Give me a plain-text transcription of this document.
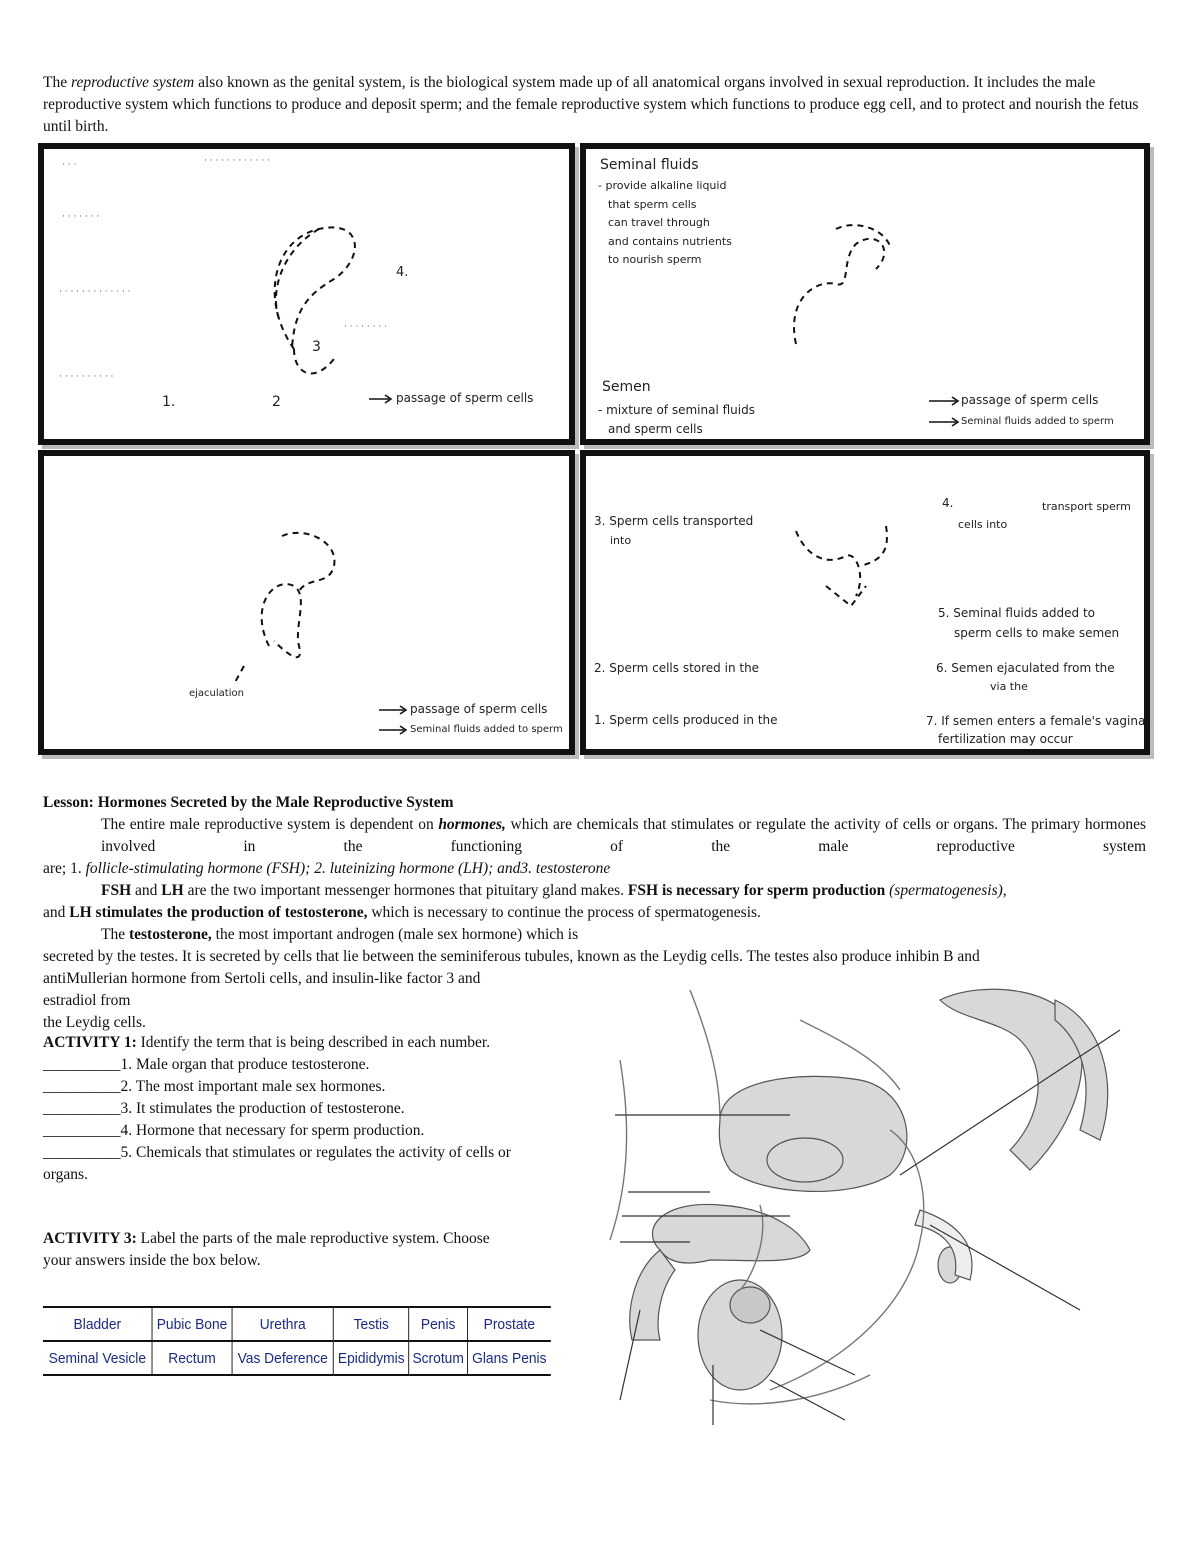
The reproductive system also known as the genital system, is the biological system made up of all anatomical organs involved in sexual reproduction. It includes the male reproductive system which functions to produce and deposit sperm; and the female reproductive system which functions to produce egg cell, and to protect and nourish the fetus until birth.
· · ·	· · · · · · · · · · · ·
· · · · · · ·
· · · · · · · · · · · · ·
· · · · · · · ·
· · · · · · · · · ·
4.
3
1.	2	passage of sperm cells
Seminal fluids
- provide alkaline liquid
that sperm cells
can travel through
and contains nutrients
to nourish sperm
Semen
- mixture of seminal fluids
and sperm cells
passage of sperm cells
Seminal fluids added to sperm
ejaculation
passage of sperm cells
Seminal fluids added to sperm
3. Sperm cells transported
into
4.	transport sperm
cells into
5. Seminal fluids added to
sperm cells to make semen
2. Sperm cells stored in the	6. Semen ejaculated from the
via the
1. Sperm cells produced in the	7. If semen enters a female's vagina,
fertilization may occur

Lesson: Hormones Secreted by the Male Reproductive System

The entire male reproductive system is dependent on hormones, which are chemicals that stimulates or regulate the activity of cells or organs. The primary hormones involved in the functioning of the male reproductive system

are; 1. follicle-stimulating hormone (FSH); 2. luteinizing hormone (LH); and3. testosterone

FSH and LH are the two important messenger hormones that pituitary gland makes. FSH is necessary for sperm production (spermatogenesis),

and LH stimulates the production of testosterone, which is necessary to continue the process of spermatogenesis.

The testosterone, the most important androgen (male sex hormone) which is

secreted by the testes. It is secreted by cells that lie between the seminiferous tubules, known as the Leydig cells. The testes also produce inhibin B and

antiMullerian hormone from Sertoli cells, and insulin-like factor 3 and

estradiol from

the Leydig cells.

ACTIVITY 1: Identify the term that is being described in each number.

__________1. Male organ that produce testosterone.

__________2. The most important male sex hormones.

__________3. It stimulates the production of testosterone.

__________4. Hormone that necessary for sperm production.

__________5. Chemicals that stimulates or regulates the activity of cells or

organs.

ACTIVITY 3: Label the parts of the male reproductive system. Choose

your answers inside the box below.

Bladder	Pubic Bone	Urethra	Testis	Penis	Prostate
Seminal Vesicle	Rectum	Vas Deference	Epididymis	Scrotum	Glans Penis
